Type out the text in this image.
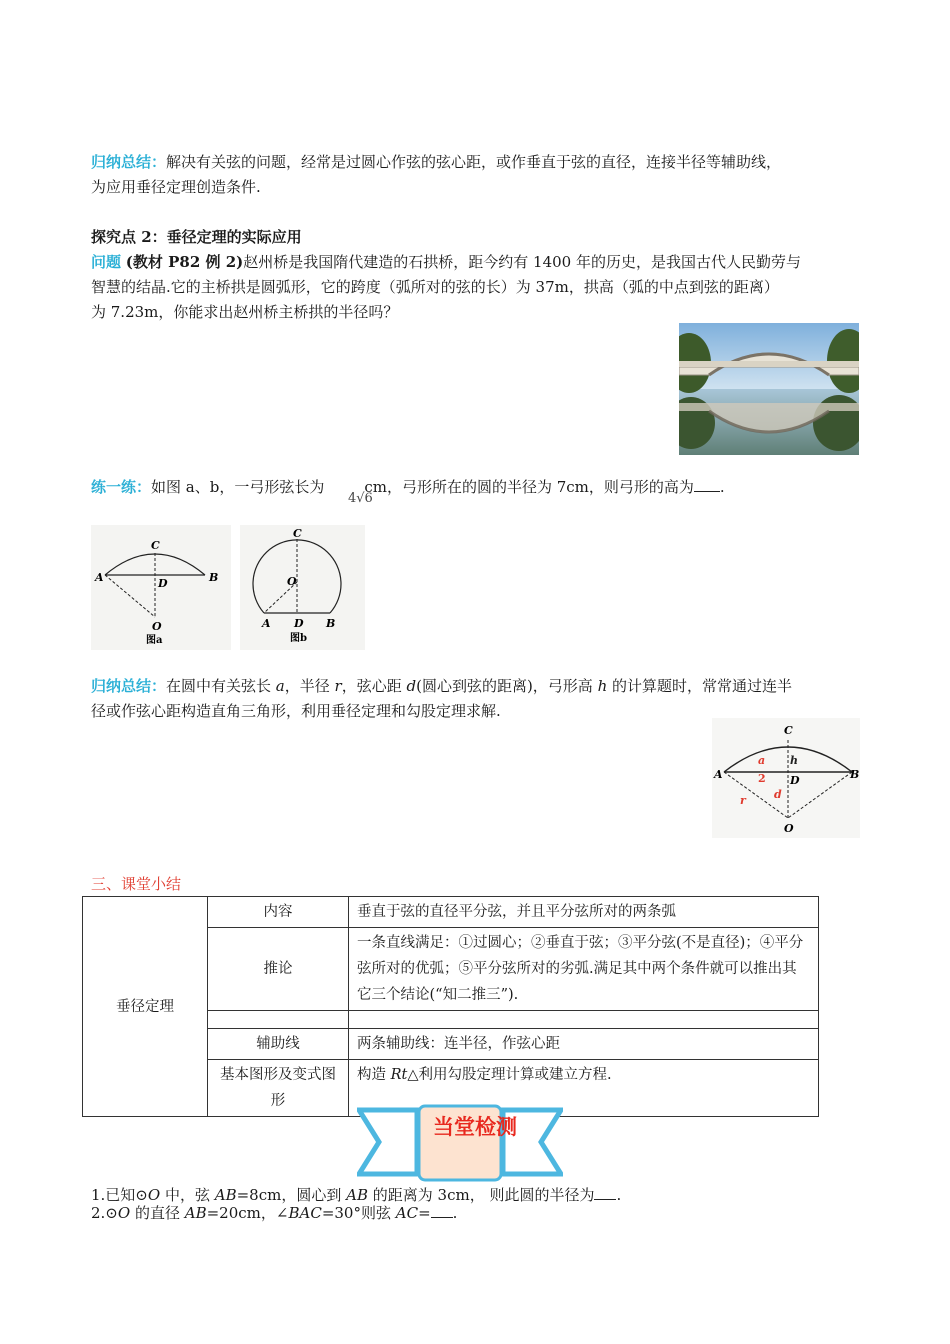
归纳总结：解决有关弦的问题，经常是过圆心作弦的弦心距，或作垂直于弦的直径，连接半径等辅助线，
为应用垂径定理创造条件.
探究点 2：垂径定理的实际应用
问题 (教材 P82 例 2)赵州桥是我国隋代建造的石拱桥，距今约有 1400 年的历史，是我国古代人民勤劳与
智慧的结晶.它的主桥拱是圆弧形，它的跨度（弧所对的弦的长）为 37m，拱高（弧的中点到弦的距离）
为 7.23m，你能求出赵州桥主桥拱的半径吗？
练一练：如图 a、b，一弓形弦长为	cm，弓形所在的圆的半径为 7cm，则弓形的高为 .
4√6
C
A	D	B
O
图a
C
O
A D B
图b
归纳总结：在圆中有关弦长 a，半径 r，弦心距 d(圆心到弦的距离)，弓形高 h 的计算题时，常常通过连半
径或作弦心距构造直角三角形，利用垂径定理和勾股定理求解.
C
a h
2
A	D	B
r	d
O
三、课堂小结
垂径定理	内容	垂直于弦的直径平分弦，并且平分弦所对的两条弧
	推论	一条直线满足：①过圆心；②垂直于弦；③平分弦(不是直径)；④平分弦所对的优弧；⑤平分弦所对的劣弧.满足其中两个条件就可以推出其它三个结论(“知二推三”).

	辅助线	两条辅助线：连半径，作弦心距
	基本图形及变式图形	构造 Rt△利用勾股定理计算或建立方程.
当堂检测
1.已知⊙O 中，弦 AB=8cm，圆心到 AB 的距离为 3cm， 则此圆的半径为 .
2.⊙O 的直径 AB=20cm，∠BAC=30°则弦 AC= .
